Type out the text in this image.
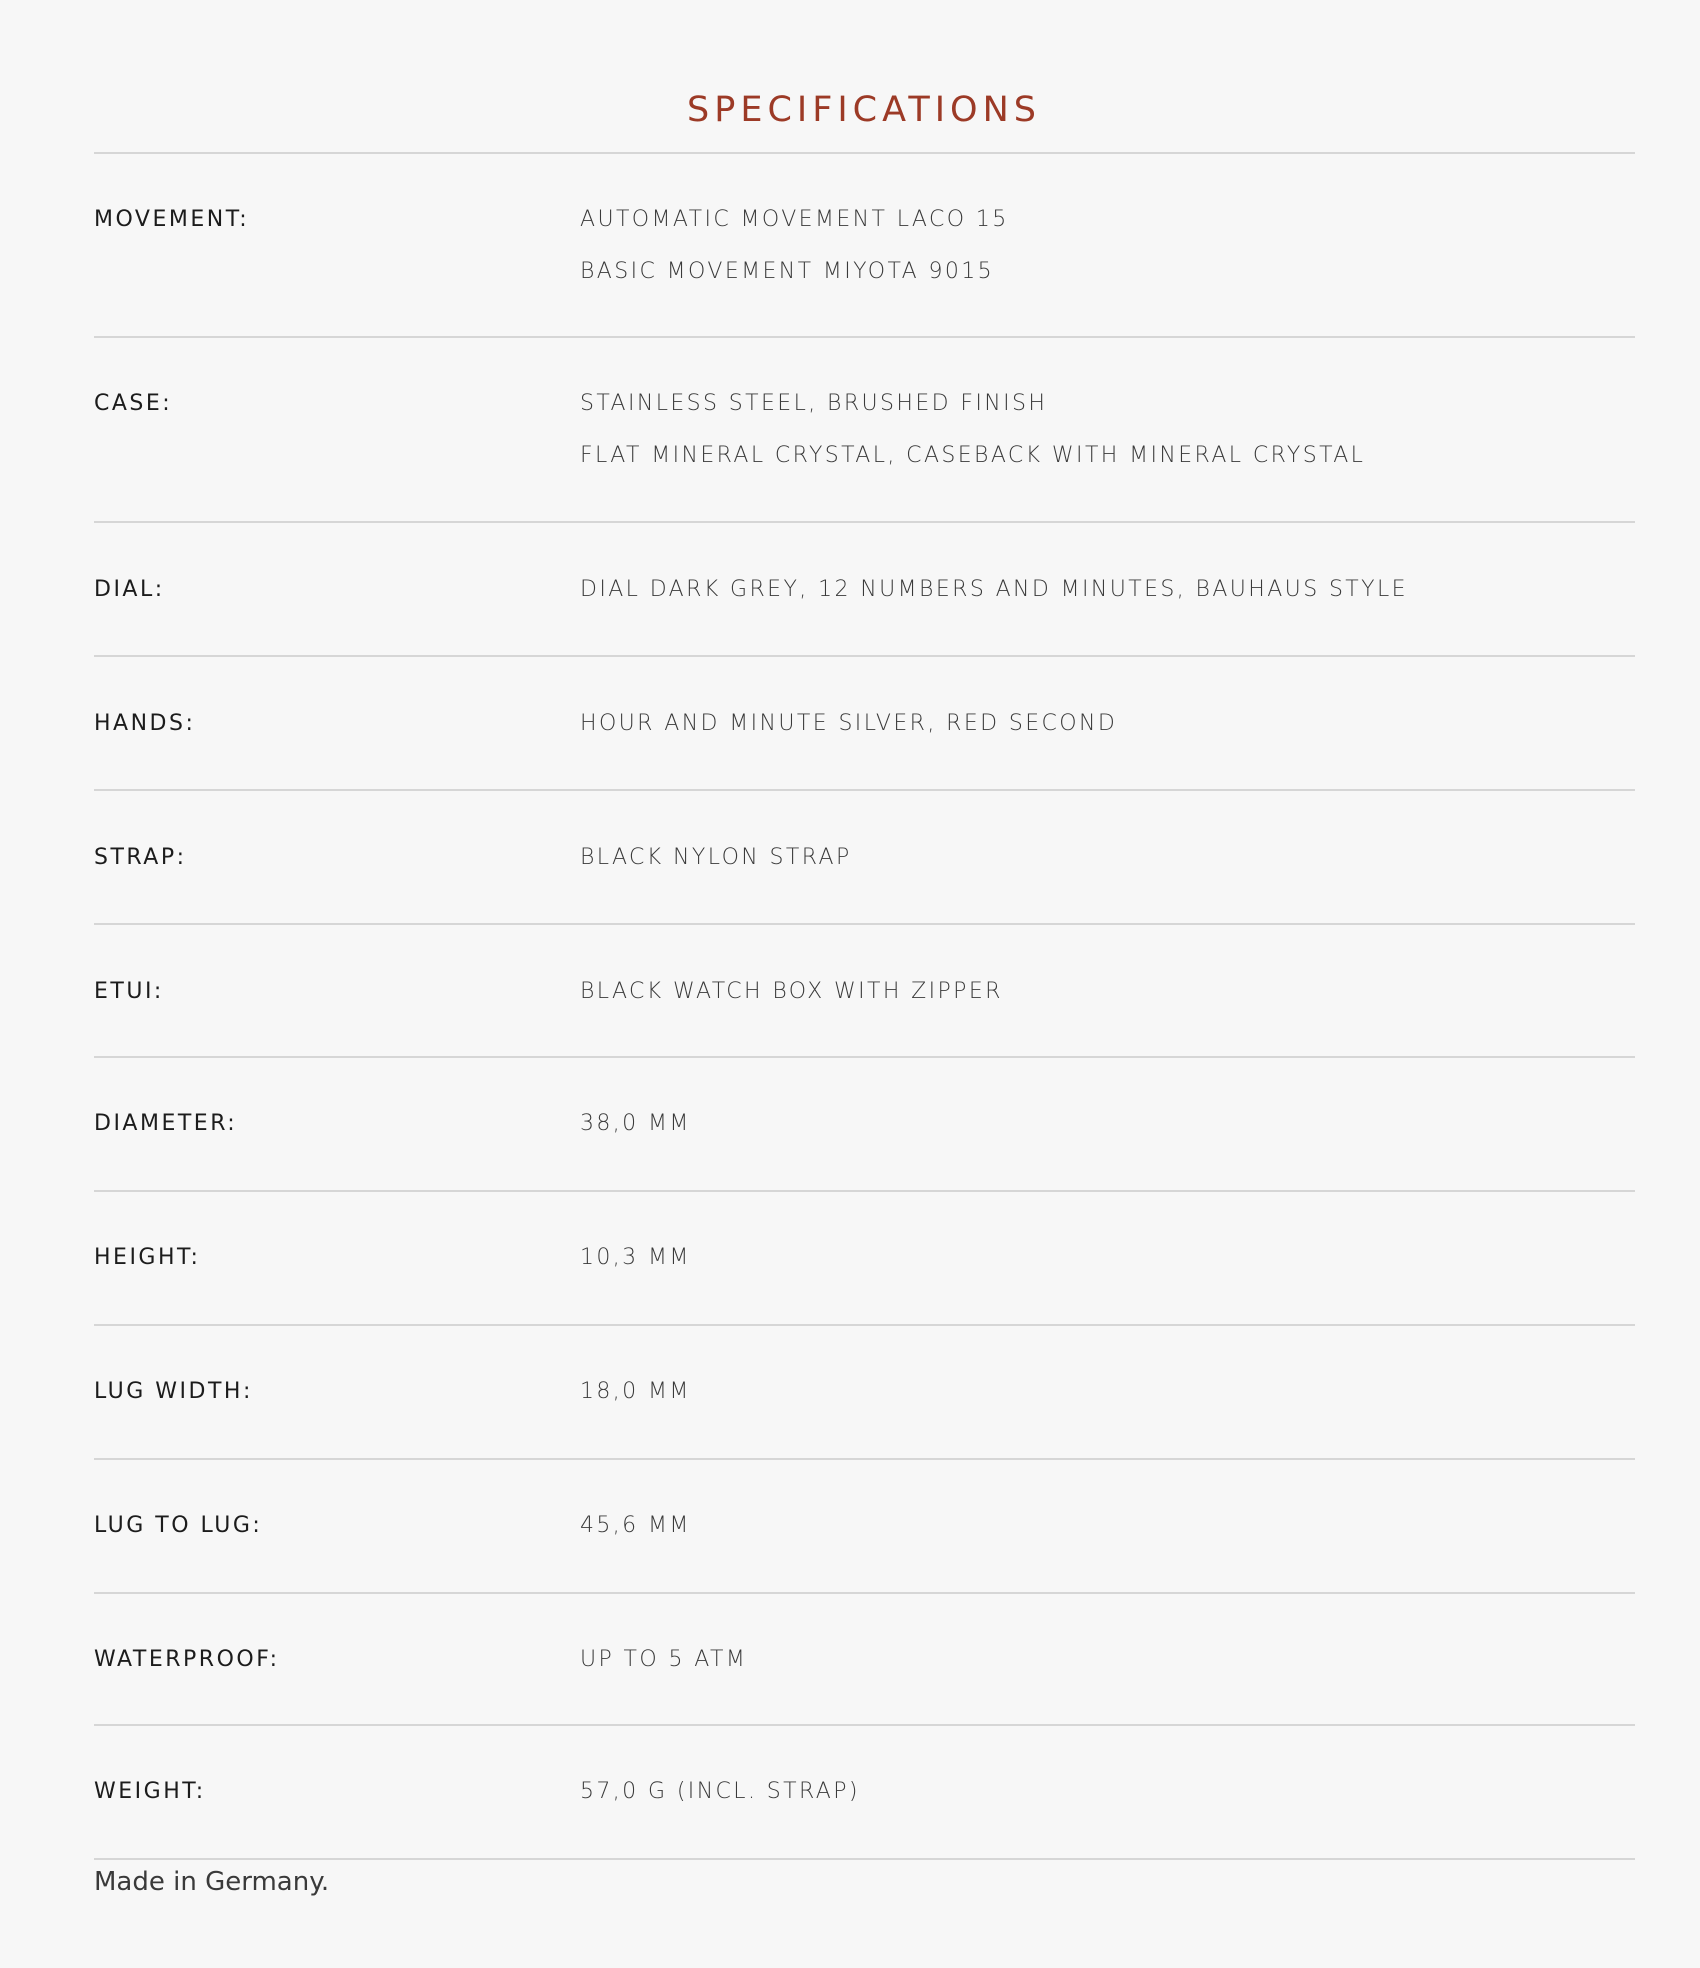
SPECIFICATIONS
MOVEMENT:	AUTOMATIC MOVEMENT LACO 15
BASIC MOVEMENT MIYOTA 9015
CASE:	STAINLESS STEEL, BRUSHED FINISH
FLAT MINERAL CRYSTAL, CASEBACK WITH MINERAL CRYSTAL
DIAL:	DIAL DARK GREY, 12 NUMBERS AND MINUTES, BAUHAUS STYLE
HANDS:	HOUR AND MINUTE SILVER, RED SECOND
STRAP:	BLACK NYLON STRAP
ETUI:	BLACK WATCH BOX WITH ZIPPER
DIAMETER:	38,0 MM
HEIGHT:	10,3 MM
LUG WIDTH:	18,0 MM
LUG TO LUG:	45,6 MM
WATERPROOF:	UP TO 5 ATM
WEIGHT:	57,0 G (INCL. STRAP)

Made in Germany.
